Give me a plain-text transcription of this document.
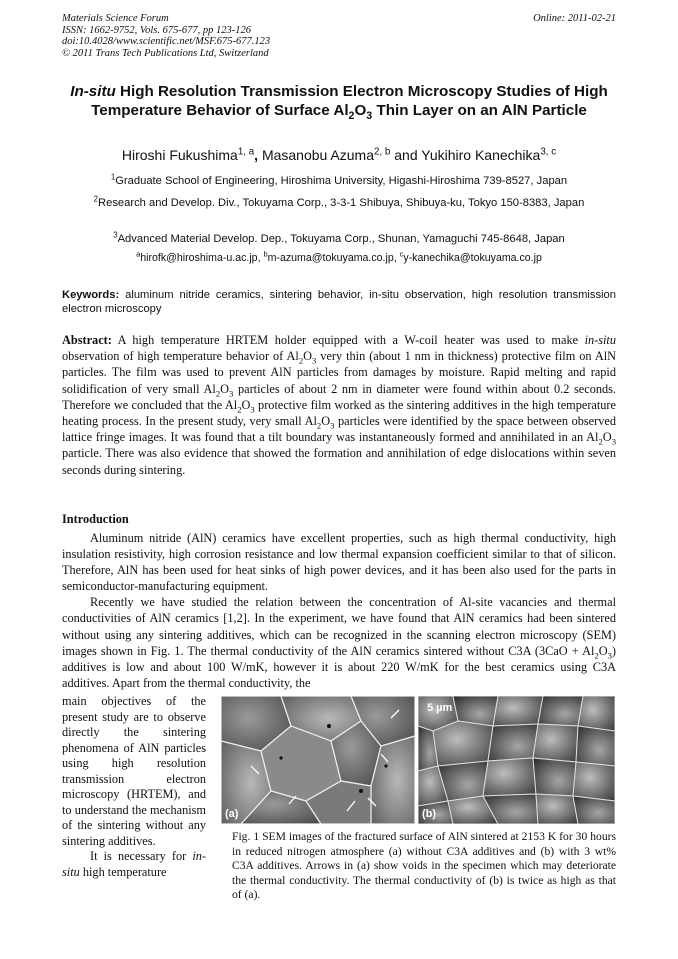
Materials Science Forum
ISSN: 1662-9752, Vols. 675-677, pp 123-126
doi:10.4028/www.scientific.net/MSF.675-677.123
© 2011 Trans Tech Publications Ltd, Switzerland
Online: 2011-02-21
In-situ High Resolution Transmission Electron Microscopy Studies of High Temperature Behavior of Surface $Al_2O_3$ Thin Layer on an AlN Particle
Hiroshi Fukushima$^{1, a}$, Masanobu Azuma$^{2, b}$ and Yukihiro Kanechika$^{3, c}$
$^1$Graduate School of Engineering, Hiroshima University, Higashi-Hiroshima 739-8527, Japan
$^2$Research and Develop. Div., Tokuyama Corp., 3-3-1 Shibuya, Shibuya-ku, Tokyo 150-8383, Japan
$^3$Advanced Material Develop. Dep., Tokuyama Corp., Shunan, Yamaguchi 745-8648, Japan
$^a$hirofk@hiroshima-u.ac.jp, $^b$m-azuma@tokuyama.co.jp, $^c$y-kanechika@tokuyama.co.jp
Keywords: aluminum nitride ceramics, sintering behavior, in-situ observation, high resolution transmission electron microscopy
Abstract: A high temperature HRTEM holder equipped with a W-coil heater was used to make in-situ observation of high temperature behavior of $Al_2O_3$ very thin (about 1 nm in thickness) protective film on AlN particles. The film was used to prevent AlN particles from damages by moisture. Rapid melting and rapid solidification of very small $Al_2O_3$ particles of about 2 nm in diameter were found within about 0.2 seconds. Therefore we concluded that the $Al_2O_3$ protective film worked as the sintering additives in the high temperature heating process. In the present study, very small $Al_2O_3$ particles were identified by the space between observed lattice fringe images. It was found that a tilt boundary was instantaneously formed and annihilated in an $Al_2O_3$ particle. There was also evidence that showed the formation and annihilation of edge dislocations within seven seconds during sintering.
Introduction

Aluminum nitride (AlN) ceramics have excellent properties, such as high thermal conductivity, high insulation resistivity, high corrosion resistance and low thermal expansion coefficient similar to that of silicon. Therefore, AlN has been used for heat sinks of high power devices, and it has been also used for the parts in semiconductor-manufacturing equipment.

Recently we have studied the relation between the concentration of Al-site vacancies and thermal conductivities of AlN ceramics [1,2]. In the experiment, we have found that AlN ceramics had been sintered without using any sintering additives, which can be recognized in the scanning electron microscopy (SEM) images shown in Fig. 1. The thermal conductivity of the AlN ceramics sintered without C3A $(3CaO + Al_2O_3)$ additives is low and about 100 W/mK, however it is about 220 W/mK for the best ceramics using C3A additives. Apart from the thermal conductivity, the

main objectives of the present study are to observe directly the sintering phenomena of AlN particles using high resolution transmission electron microscopy (HRTEM), and to understand the mechanism of the sintering without any sintering additives.

It is necessary for in-situ high temperature

(a)	(b)
5 µm
Fig. 1 SEM images of the fractured surface of AlN sintered at 2153 K for 30 hours in reduced nitrogen atmosphere (a) without C3A additives and (b) with 3 wt% C3A additives. Arrows in (a) show voids in the specimen which may deteriorate the thermal conductivity. The thermal conductivity of (b) is twice as high as that of (a).
